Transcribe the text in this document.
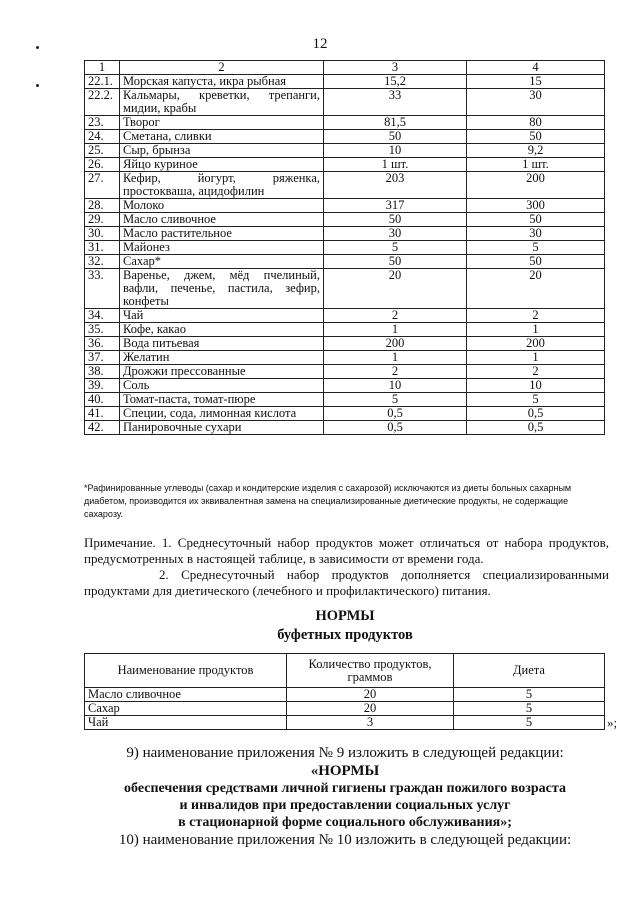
12
1	2	3	4
22.1.	Морская капуста, икра рыбная	15,2	15
22.2.	Кальмары, креветки, трепанги, мидии, крабы	33	30
23.	Творог	81,5	80
24.	Сметана, сливки	50	50
25.	Сыр, брынза	10	9,2
26.	Яйцо куриное	1 шт.	1 шт.
27.	Кефир, йогурт, ряженка, простокваша, ацидофилин	203	200
28.	Молоко	317	300
29.	Масло сливочное	50	50
30.	Масло растительное	30	30
31.	Майонез	5	5
32.	Сахар*	50	50
33.	Варенье, джем, мёд пчелиный, вафли, печенье, пастила, зефир, конфеты	20	20
34.	Чай	2	2
35.	Кофе, какао	1	1
36.	Вода питьевая	200	200
37.	Желатин	1	1
38.	Дрожжи прессованные	2	2
39.	Соль	10	10
40.	Томат-паста, томат-пюре	5	5
41.	Специи, сода, лимонная кислота	0,5	0,5
42.	Панировочные сухари	0,5	0,5
*Рафинированные углеводы (сахар и кондитерские изделия с сахарозой) исключаются из диеты больных сахарным диабетом, производится их эквивалентная замена на специализированные диетические продукты, не содержащие сахарозу.

Примечание. 1. Среднесуточный набор продуктов может отличаться от набора продуктов, предусмотренных в настоящей таблице, в зависимости от времени года.

2. Среднесуточный набор продуктов дополняется специализированными продуктами для диетического (лечебного и профилактического) питания.

НОРМЫ
буфетных продуктов
Наименование продуктов	Количество продуктов, граммов	Диета
Масло сливочное	20	5
Сахар	20	5
Чай	3	5	»;
9) наименование приложения № 9 изложить в следующей редакции:
«НОРМЫ
обеспечения средствами личной гигиены граждан пожилого возраста
и инвалидов при предоставлении социальных услуг
в стационарной форме социального обслуживания»;
10) наименование приложения № 10 изложить в следующей редакции:
